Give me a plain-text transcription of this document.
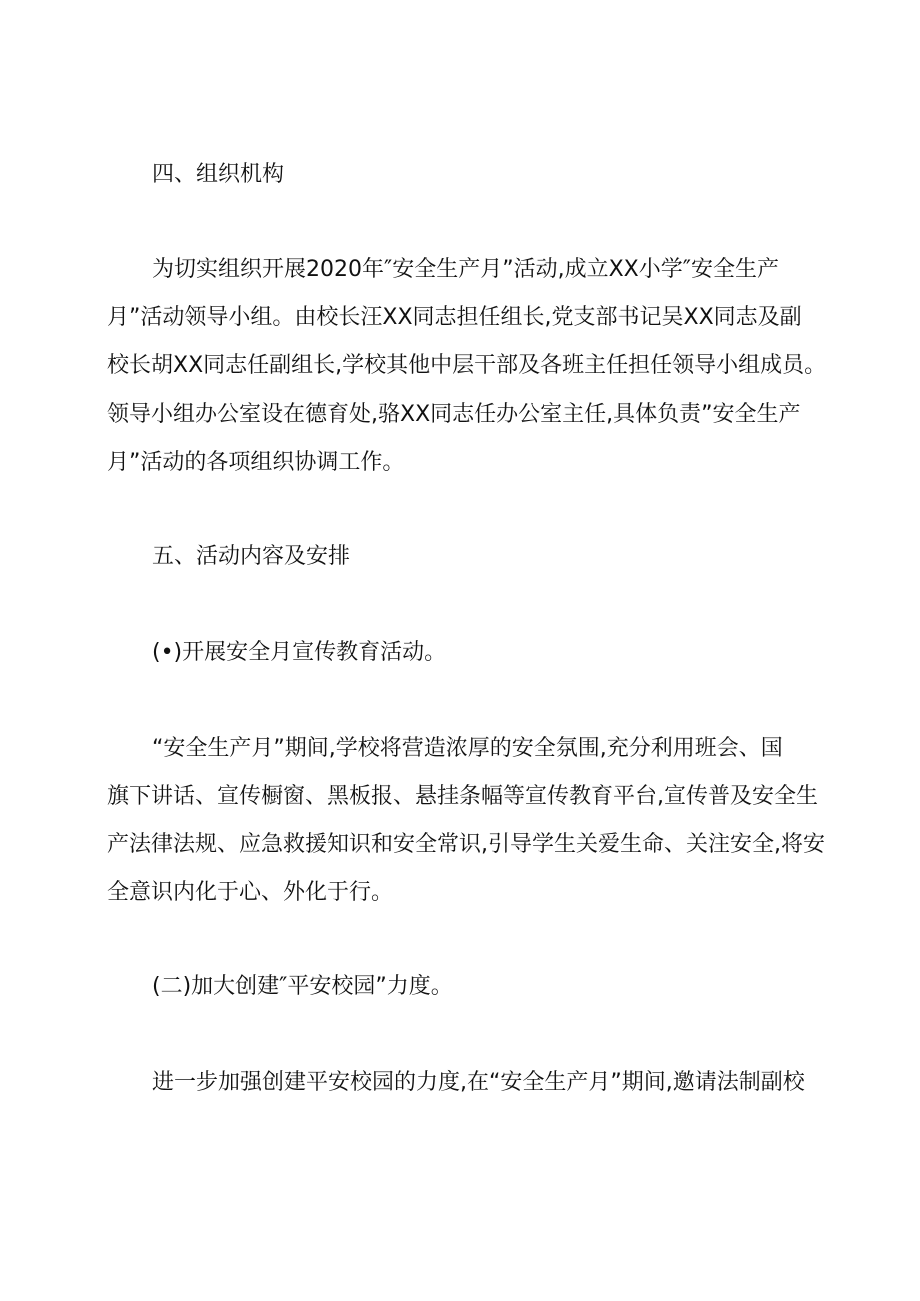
四、组织机构

为切实组织开展2020年″安全生产月”活动,成立XX小学″安全生产

月”活动领导小组。由校长汪XX同志担任组长,党支部书记吴XX同志及副

校长胡XX同志任副组长,学校其他中层干部及各班主任担任领导小组成员。

领导小组办公室设在德育处,骆XX同志任办公室主任,具体负责”安全生产

月”活动的各项组织协调工作。

五、活动内容及安排

(•)开展安全月宣传教育活动。

“安全生产月”期间,学校将营造浓厚的安全氛围,充分利用班会、国

旗下讲话、宣传橱窗、黑板报、悬挂条幅等宣传教育平台,宣传普及安全生

产法律法规、应急救援知识和安全常识,引导学生关爱生命、关注安全,将安

全意识内化于心、外化于行。

(二)加大创建″平安校园”力度。

进一步加强创建平安校园的力度,在“安全生产月”期间,邀请法制副校
